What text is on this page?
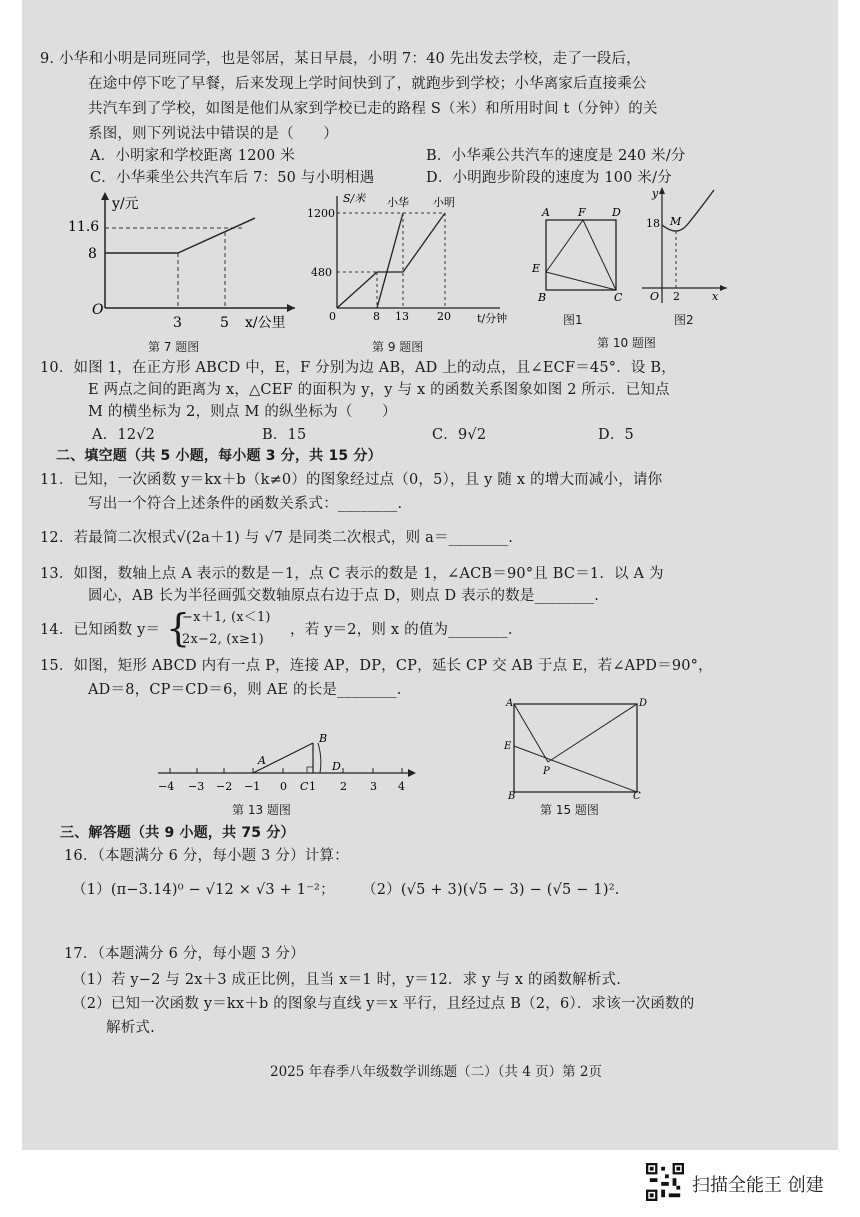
9. 小华和小明是同班同学，也是邻居，某日早晨，小明 7：40 先出发去学校，走了一段后，
在途中停下吃了早餐，后来发现上学时间快到了，就跑步到学校；小华离家后直接乘公
共汽车到了学校，如图是他们从家到学校已走的路程 S（米）和所用时间 t（分钟）的关
系图，则下列说法中错误的是（　　）
A．小明家和学校距离 1200 米	B．小华乘公共汽车的速度是 240 米/分
C．小华乘坐公共汽车后 7：50 与小明相遇	D．小明跑步阶段的速度为 100 米/分
y/元
x/公里
O
11.6
8
3	5
第 7 题图
S/米
t/分钟
0
1200
480
小华 小明
8 13	20
第 9 题图
A	F D
E
B	C
图1
y
18 M
O 2	x
图2
第 10 题图
10．如图 1，在正方形 ABCD 中，E，F 分别为边 AB，AD 上的动点，且∠ECF＝45°．设 B，
E 两点之间的距离为 x，△CEF 的面积为 y，y 与 x 的函数关系图象如图 2 所示．已知点
M 的横坐标为 2，则点 M 的纵坐标为（　　）
A．12√2	B．15	C．9√2	D．5
二、填空题（共 5 小题，每小题 3 分，共 15 分）
11．已知，一次函数 y＝kx＋b（k≠0）的图象经过点（0，5），且 y 随 x 的增大而减小，请你
写出一个符合上述条件的函数关系式：________.
12．若最简二次根式√(2a＋1) 与 √7 是同类二次根式，则 a＝________.
13．如图，数轴上点 A 表示的数是－1，点 C 表示的数是 1，∠ACB＝90°且 BC＝1．以 A 为
圆心，AB 长为半径画弧交数轴原点右边于点 D，则点 D 表示的数是________.
14．已知函数 y＝ {
−x＋1, (x＜1)
2x−2, (x≥1)
，若 y＝2，则 x 的值为________.
15．如图，矩形 ABCD 内有一点 P，连接 AP，DP，CP，延长 CP 交 AB 于点 E，若∠APD＝90°，
AD＝8，CP＝CD＝6，则 AE 的长是________.
−4 −3 −2 −1 0 1 2 3 4
A
B
C
D
第 13 题图
A	D
E
P
B	C
第 15 题图
三、解答题（共 9 小题，共 75 分）
16．（本题满分 6 分，每小题 3 分）计算：
（1）(π−3.14)⁰ − √12 × √3 + 1⁻²； （2）(√5 + 3)(√5 − 3) − (√5 − 1)².
17．（本题满分 6 分，每小题 3 分）
（1）若 y−2 与 2x＋3 成正比例，且当 x＝1 时，y＝12．求 y 与 x 的函数解析式.
（2）已知一次函数 y＝kx＋b 的图象与直线 y＝x 平行，且经过点 B（2，6）．求该一次函数的
解析式.
2025 年春季八年级数学训练题（二）（共 4 页）第 2页
扫描全能王 创建
